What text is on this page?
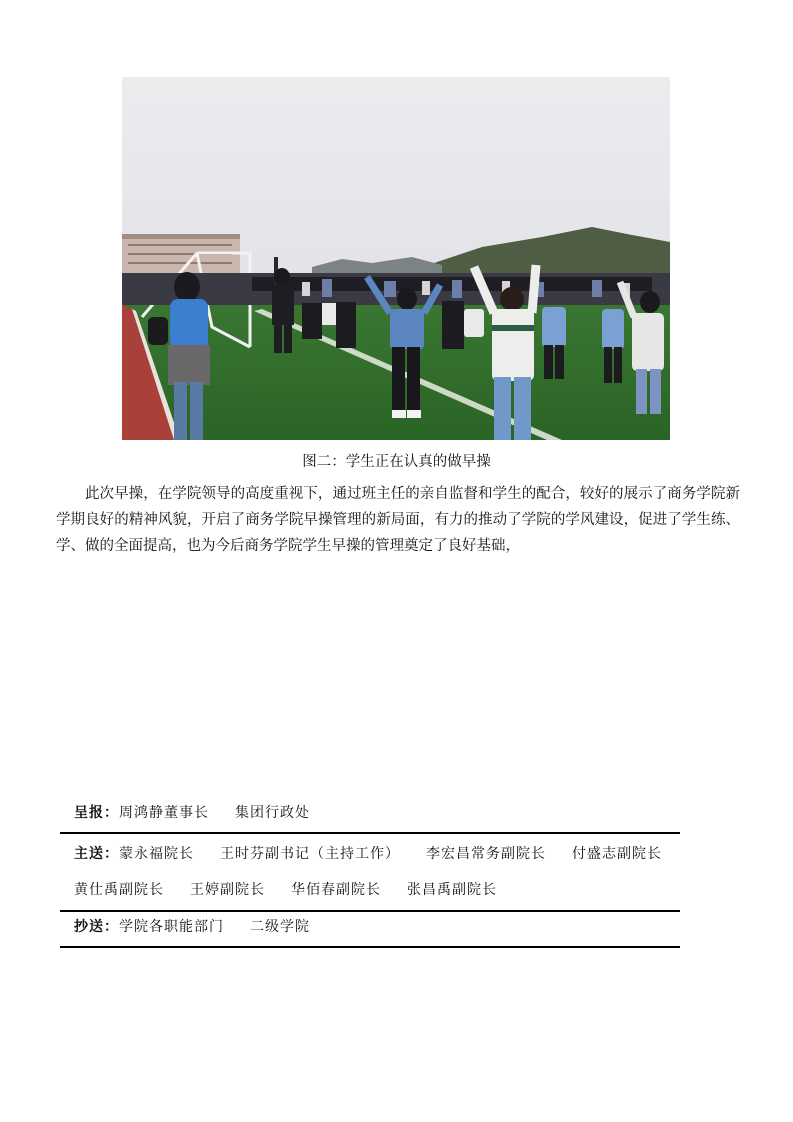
图二：学生正在认真的做早操

此次早操，在学院领导的高度重视下，通过班主任的亲自监督和学生的配合，较好的展示了商务学院新学期良好的精神风貌，开启了商务学院早操管理的新局面，有力的推动了学院的学风建设，促进了学生练、学、做的全面提高，也为今后商务学院学生早操的管理奠定了良好基础，

呈报：周鸿静董事长 集团行政处
主送：蒙永福院长 王时芬副书记（主持工作） 李宏昌常务副院长 付盛志副院长
黄仕禹副院长 王婷副院长 华佰春副院长 张昌禹副院长
抄送：学院各职能部门 二级学院
